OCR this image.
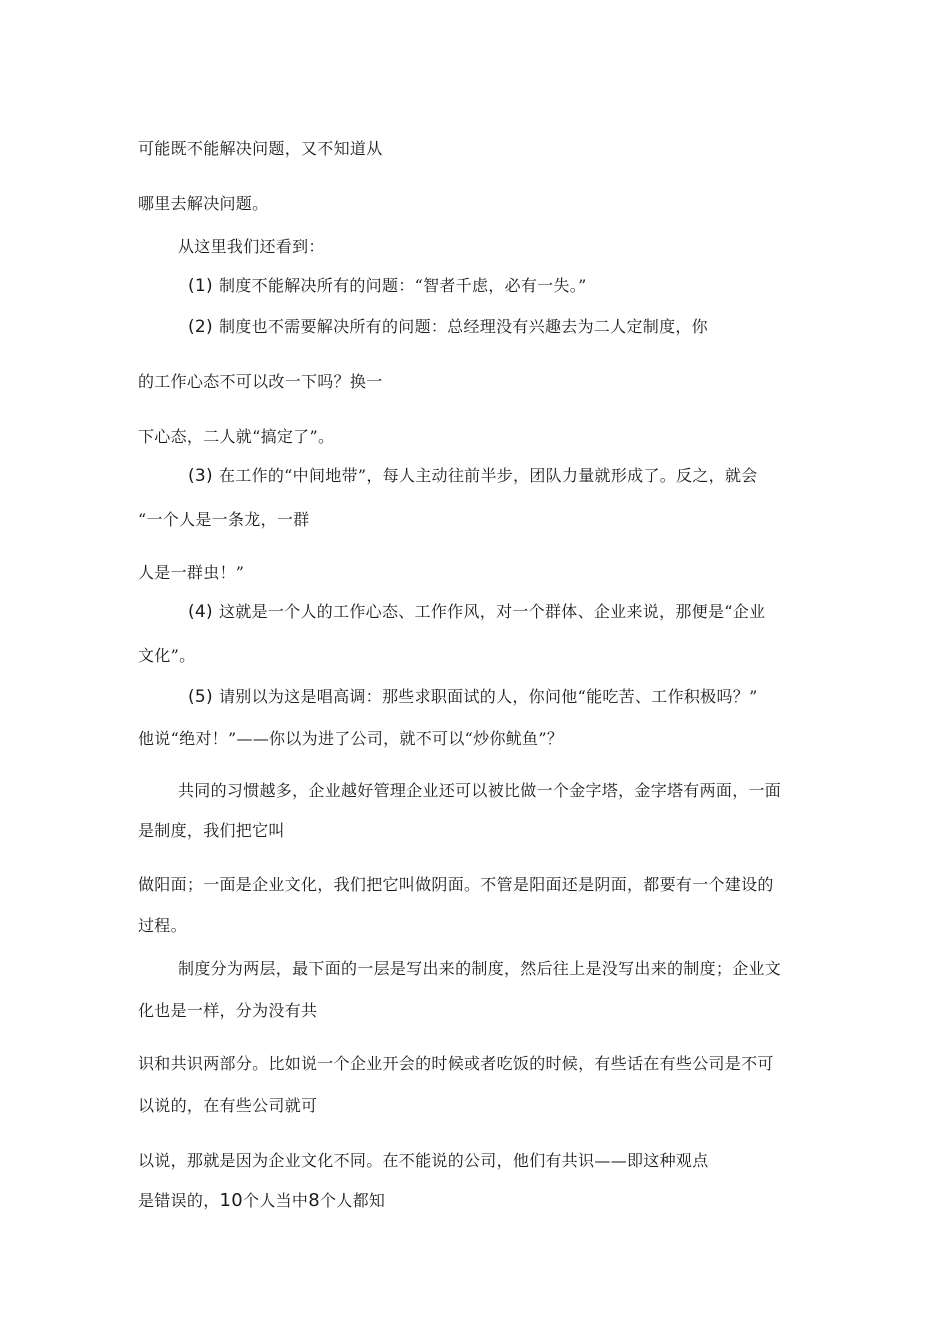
可能既不能解决问题，又不知道从
哪里去解决问题。
从这里我们还看到：
(1) 制度不能解决所有的问题：“智者千虑，必有一失。”
(2) 制度也不需要解决所有的问题：总经理没有兴趣去为二人定制度，你
的工作心态不可以改一下吗？换一
下心态，二人就“搞定了”。
(3) 在工作的“中间地带”，每人主动往前半步，团队力量就形成了。反之，就会
“一个人是一条龙，一群
人是一群虫！”
(4) 这就是一个人的工作心态、工作作风，对一个群体、企业来说，那便是“企业
文化”。
(5) 请别以为这是唱高调：那些求职面试的人，你问他“能吃苦、工作积极吗？”
他说“绝对！”——你以为进了公司，就不可以“炒你鱿鱼”？
共同的习惯越多，企业越好管理企业还可以被比做一个金字塔，金字塔有两面，一面
是制度，我们把它叫
做阳面；一面是企业文化，我们把它叫做阴面。不管是阳面还是阴面，都要有一个建设的
过程。
制度分为两层，最下面的一层是写出来的制度，然后往上是没写出来的制度；企业文
化也是一样，分为没有共
识和共识两部分。比如说一个企业开会的时候或者吃饭的时候，有些话在有些公司是不可
以说的，在有些公司就可
以说，那就是因为企业文化不同。在不能说的公司，他们有共识——即这种观点
是错误的，10个人当中8个人都知
